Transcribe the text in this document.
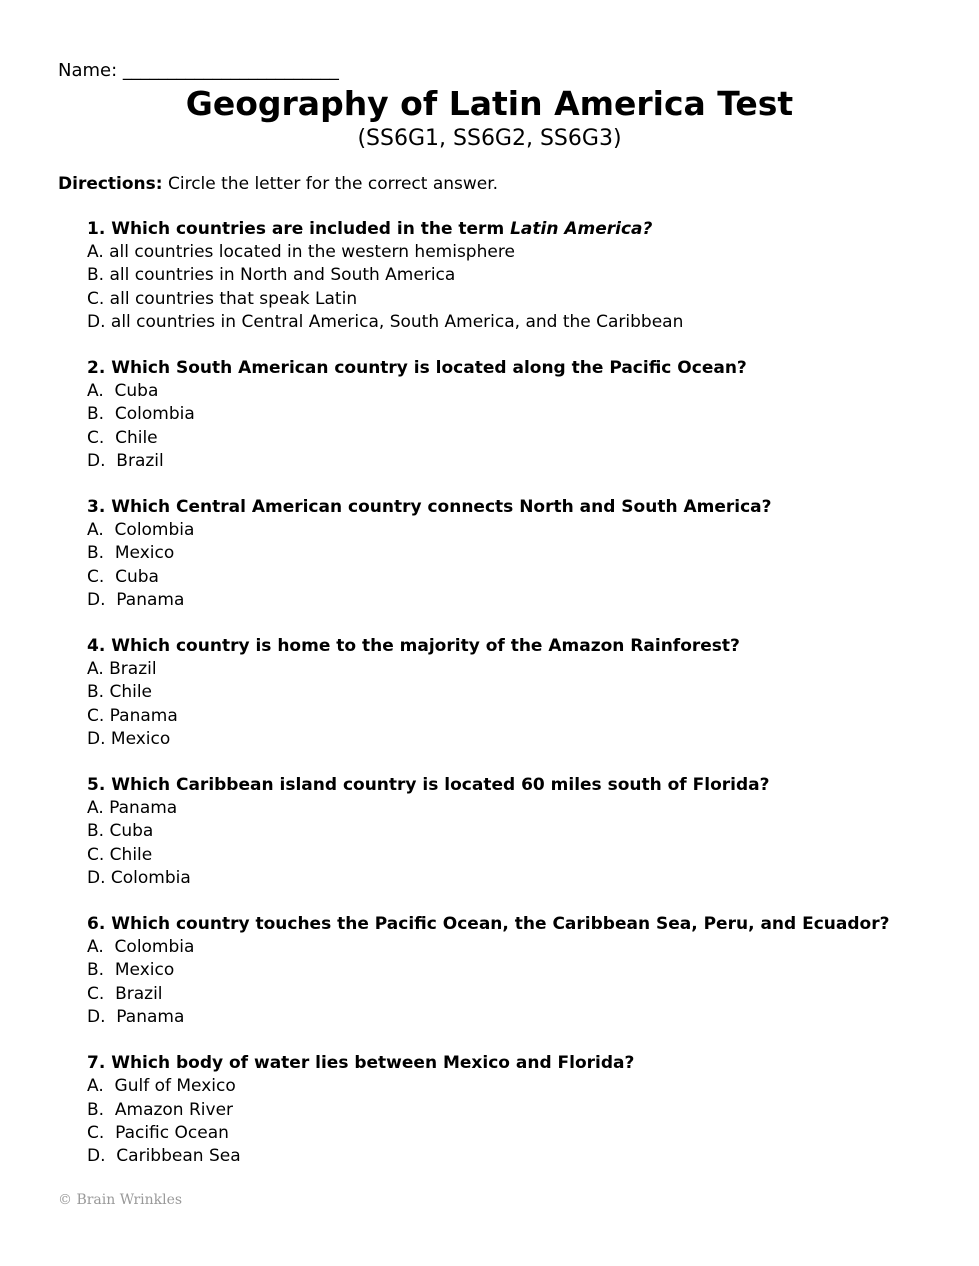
Name: ________________________
Geography of Latin America Test
(SS6G1, SS6G2, SS6G3)
Directions: Circle the letter for the correct answer.
1. Which countries are included in the term Latin America?
A. all countries located in the western hemisphere
B. all countries in North and South America
C. all countries that speak Latin
D. all countries in Central America, South America, and the Caribbean
2. Which South American country is located along the Pacific Ocean?
A.  Cuba
B.  Colombia
C.  Chile
D.  Brazil
3. Which Central American country connects North and South America?
A.  Colombia
B.  Mexico
C.  Cuba
D.  Panama
4. Which country is home to the majority of the Amazon Rainforest?
A. Brazil
B. Chile
C. Panama
D. Mexico
5. Which Caribbean island country is located 60 miles south of Florida?
A. Panama
B. Cuba
C. Chile
D. Colombia
6. Which country touches the Pacific Ocean, the Caribbean Sea, Peru, and Ecuador?
A.  Colombia
B.  Mexico
C.  Brazil
D.  Panama
7. Which body of water lies between Mexico and Florida?
A.  Gulf of Mexico
B.  Amazon River
C.  Pacific Ocean
D.  Caribbean Sea
© Brain Wrinkles
